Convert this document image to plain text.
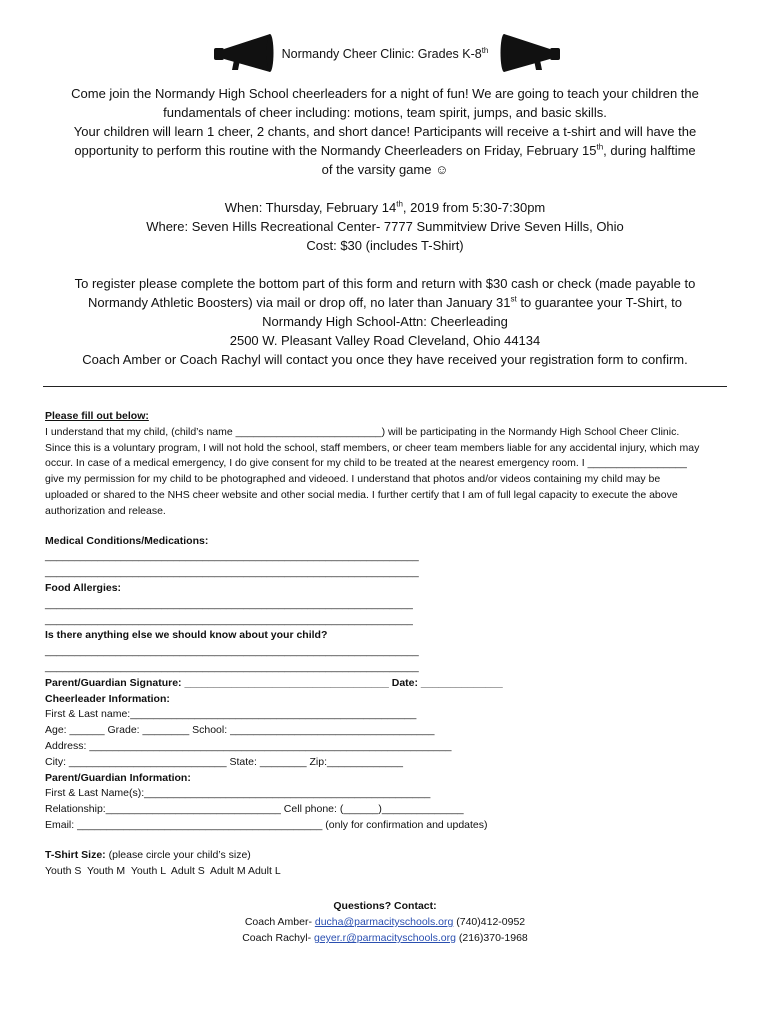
Normandy Cheer Clinic: Grades K-8th
Come join the Normandy High School cheerleaders for a night of fun! We are going to teach your children the
fundamentals of cheer including: motions, team spirit, jumps, and basic skills.
Your children will learn 1 cheer, 2 chants, and short dance! Participants will receive a t-shirt and will have the
opportunity to perform this routine with the Normandy Cheerleaders on Friday, February 15th, during halftime
of the varsity game ☺
When: Thursday, February 14th, 2019 from 5:30-7:30pm
Where: Seven Hills Recreational Center- 7777 Summitview Drive Seven Hills, Ohio
Cost: $30 (includes T-Shirt)
To register please complete the bottom part of this form and return with $30 cash or check (made payable to
Normandy Athletic Boosters) via mail or drop off, no later than January 31st to guarantee your T-Shirt, to
Normandy High School-Attn: Cheerleading
2500 W. Pleasant Valley Road Cleveland, Ohio 44134
Coach Amber or Coach Rachyl will contact you once they have received your registration form to confirm.
Please fill out below:
I understand that my child, (child’s name _________________________) will be participating in the Normandy High School Cheer Clinic. Since this is a voluntary program, I will not hold the school, staff members, or cheer team members liable for any accidental injury, which may occur. In case of a medical emergency, I do give consent for my child to be treated at the nearest emergency room. I _________________ give my permission for my child to be photographed and videoed. I understand that photos and/or videos containing my child may be uploaded or shared to the NHS cheer website and other social media. I further certify that I am of full legal capacity to execute the above authorization and release.
Medical Conditions/Medications:
________________________________________________________________
________________________________________________________________
Food Allergies:
_______________________________________________________________
_______________________________________________________________
Is there anything else we should know about your child?
________________________________________________________________
________________________________________________________________
Parent/Guardian Signature: ___________________________________ Date: ______________
Cheerleader Information:
First & Last name:_________________________________________________
Age: ______ Grade: ________ School: ___________________________________
Address: ______________________________________________________________
City: ___________________________ State: ________ Zip:_____________
Parent/Guardian Information:
First & Last Name(s):_________________________________________________
Relationship:______________________________ Cell phone: (______)______________
Email: __________________________________________ (only for confirmation and updates)
T-Shirt Size: (please circle your child’s size)
Youth S  Youth M  Youth L  Adult S  Adult M Adult L
Questions? Contact:
Coach Amber- ducha@parmacityschools.org (740)412-0952
Coach Rachyl- geyer.r@parmacityschools.org (216)370-1968
